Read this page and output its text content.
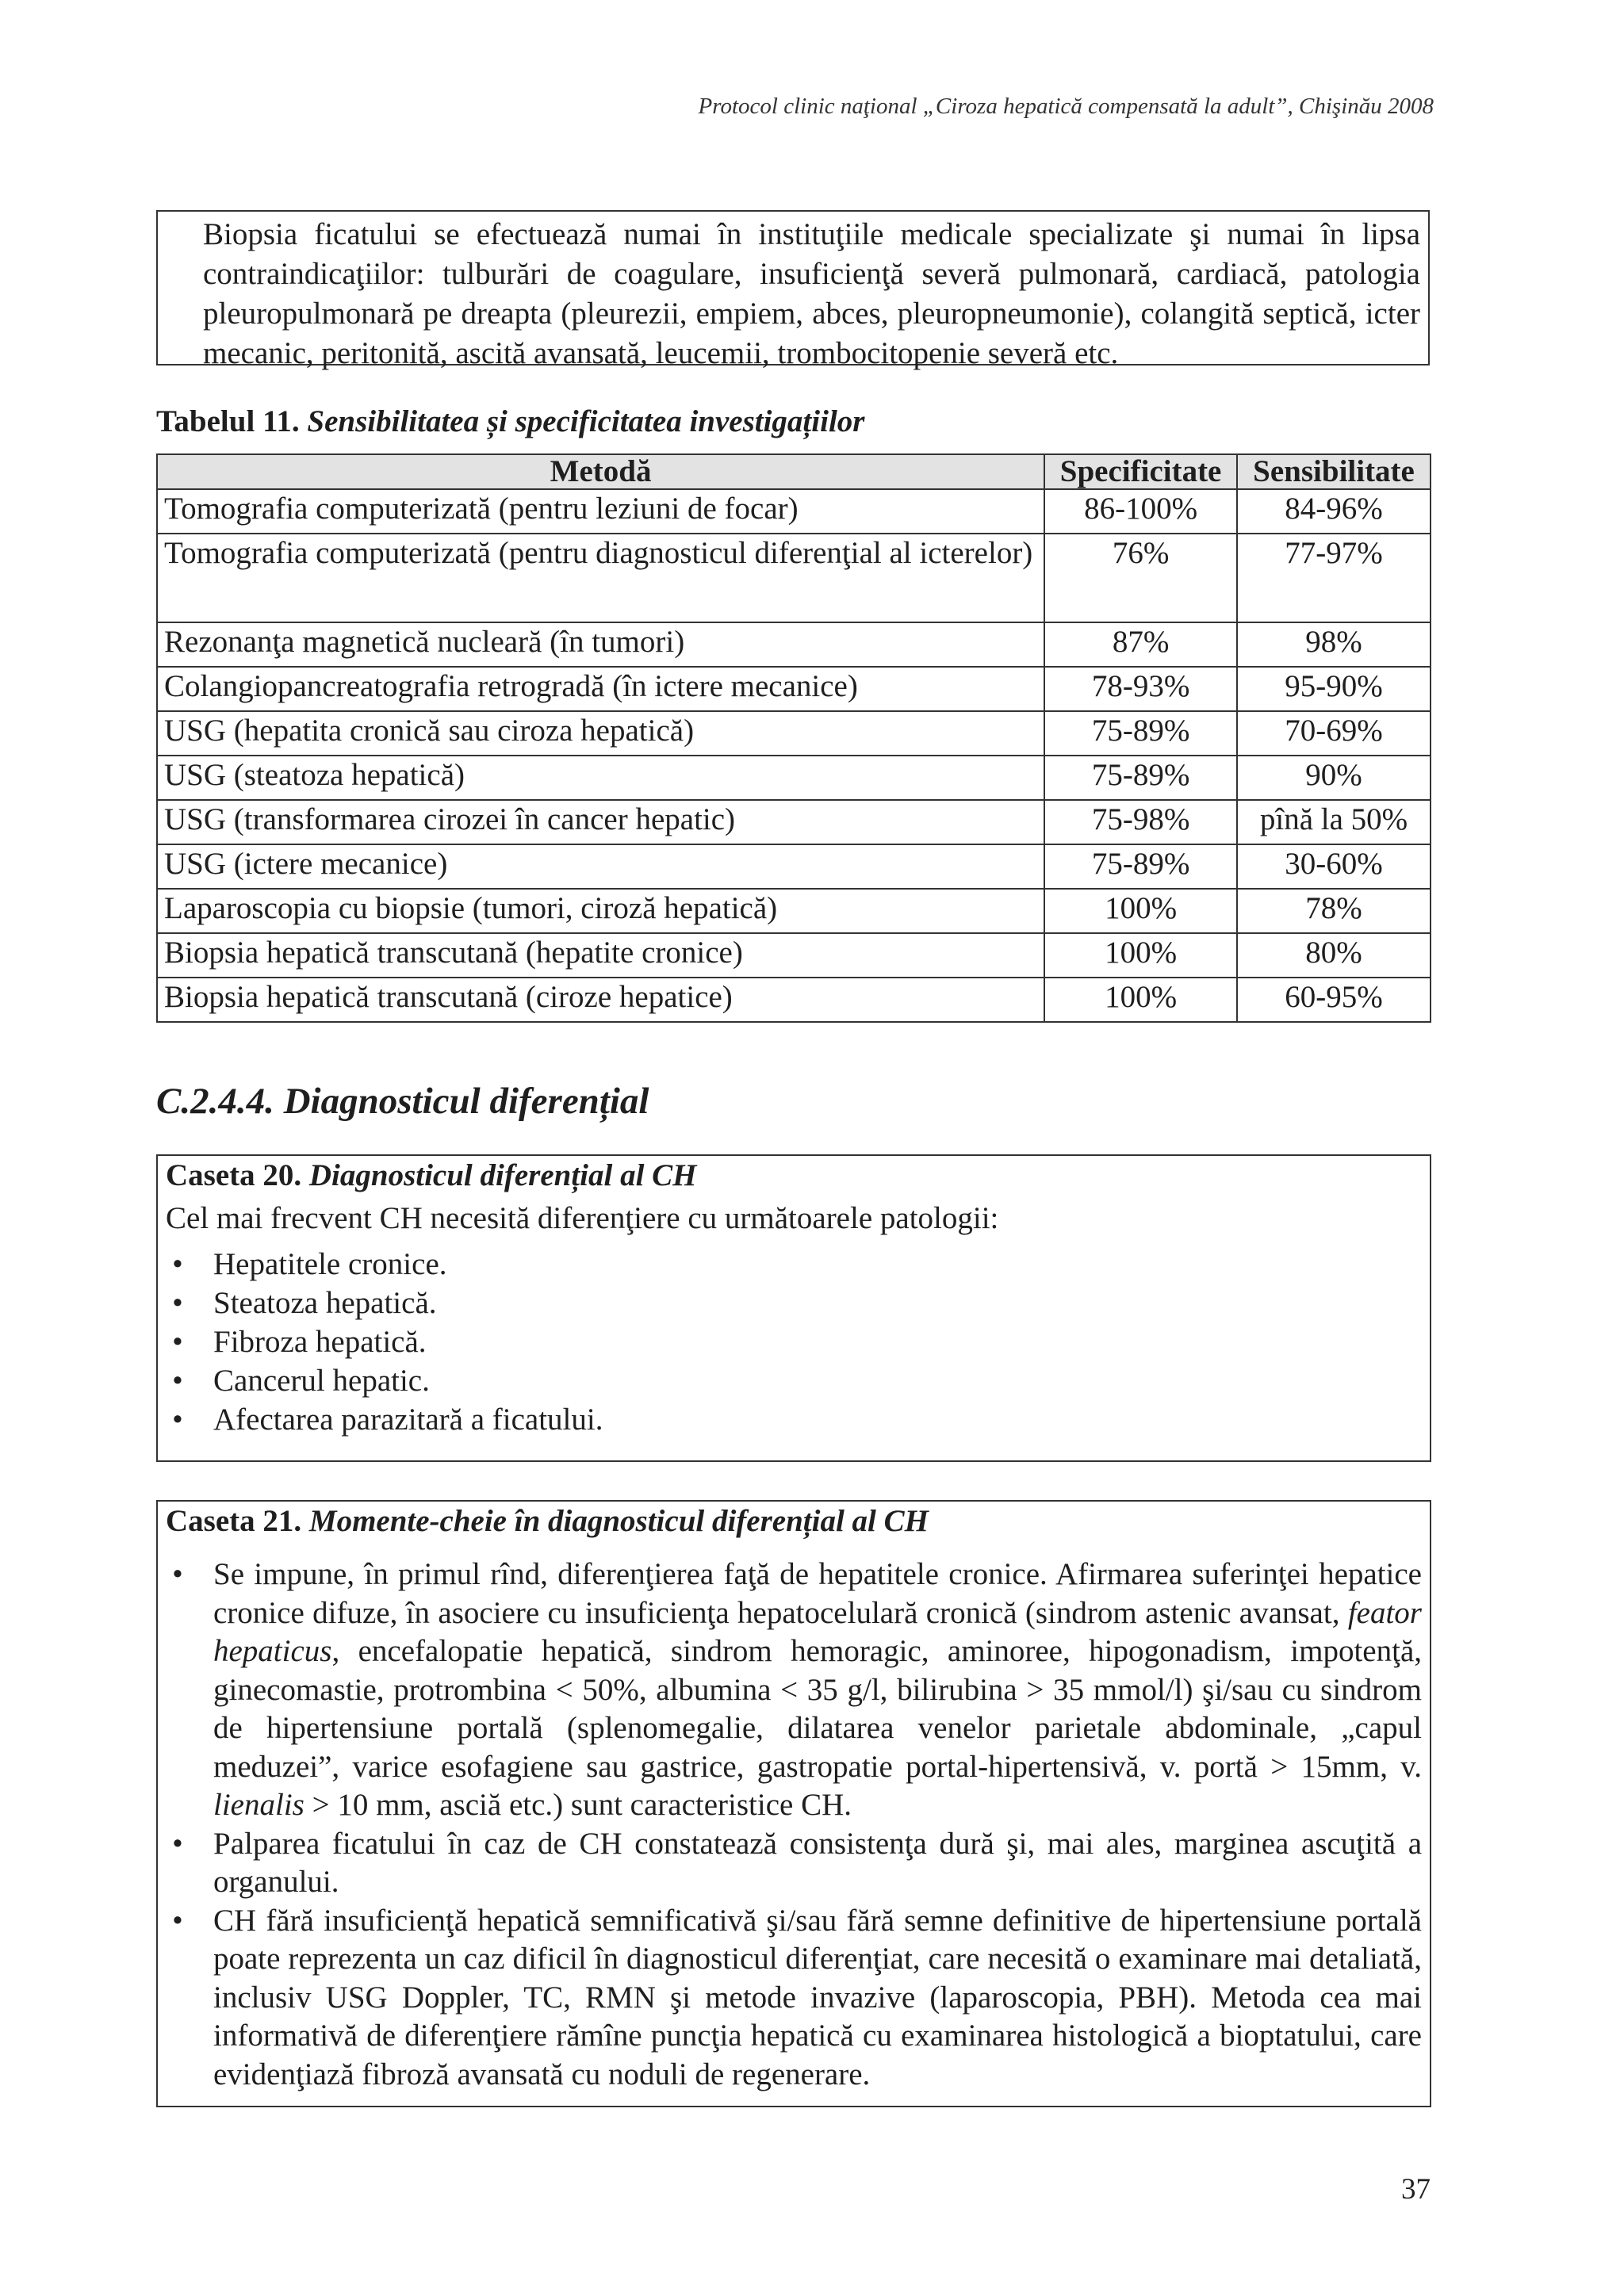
Protocol clinic naţional „Ciroza hepatică compensată la adult”, Chişinău 2008

Biopsia ficatului se efectuează numai în instituţiile medicale specializate şi numai în lipsa contraindicaţiilor: tulburări de coagulare, insuficienţă severă pulmonară, cardiacă, patologia pleuropulmonară pe dreapta (pleurezii, empiem, abces, pleuropneumonie), colangită septică, icter mecanic, peritonită, ascită avansată, leucemii, trombocitopenie severă etc.

Tabelul 11. Sensibilitatea și specificitatea investigațiilor
Metodă	Specificitate	Sensibilitate
Tomografia computerizată (pentru leziuni de focar)	86-100%	84-96%
Tomografia computerizată (pentru diagnosticul diferenţial al icterelor)	76%	77-97%
Rezonanţa magnetică nucleară (în tumori)	87%	98%
Colangiopancreatografia retrogradă (în ictere mecanice)	78-93%	95-90%
USG (hepatita cronică sau ciroza hepatică)	75-89%	70-69%
USG (steatoza hepatică)	75-89%	90%
USG (transformarea cirozei în cancer hepatic)	75-98%	pînă la 50%
USG (ictere mecanice)	75-89%	30-60%
Laparoscopia cu biopsie (tumori, ciroză hepatică)	100%	78%
Biopsia hepatică transcutană (hepatite cronice)	100%	80%
Biopsia hepatică transcutană (ciroze hepatice)	100%	60-95%
C.2.4.4. Diagnosticul diferențial
Caseta 20. Diagnosticul diferențial al CH
Cel mai frecvent CH necesită diferenţiere cu următoarele patologii:
• Hepatitele cronice.
• Steatoza hepatică.
• Fibroza hepatică.
• Cancerul hepatic.
• Afectarea parazitară a ficatului.
Caseta 21. Momente-cheie în diagnosticul diferențial al CH
• Se impune, în primul rînd, diferenţierea faţă de hepatitele cronice. Afirmarea suferinţei hepatice cronice difuze, în asociere cu insuficienţa hepatocelulară cronică (sindrom astenic avansat, feator hepaticus, encefalopatie hepatică, sindrom hemoragic, aminoree, hipogonadism, impotenţă, ginecomastie, protrombina < 50%, albumina < 35 g/l, bilirubina > 35 mmol/l) şi/sau cu sindrom de hipertensiune portală (splenomegalie, dilatarea venelor parietale abdominale, „capul meduzei”, varice esofagiene sau gastrice, gastropatie portal-hipertensivă, v. portă > 15mm, v. lienalis > 10 mm, asciă etc.) sunt caracteristice CH.
• Palparea ficatului în caz de CH constatează consistenţa dură şi, mai ales, marginea ascuţită a organului.
• CH fără insuficienţă hepatică semnificativă şi/sau fără semne definitive de hipertensiune portală poate reprezenta un caz dificil în diagnosticul diferenţiat, care necesită o examinare mai detaliată, inclusiv USG Doppler, TC, RMN şi metode invazive (laparoscopia, PBH). Metoda cea mai informativă de diferenţiere rămîne puncţia hepatică cu examinarea histologică a bioptatului, care evidenţiază fibroză avansată cu noduli de regenerare.
37
